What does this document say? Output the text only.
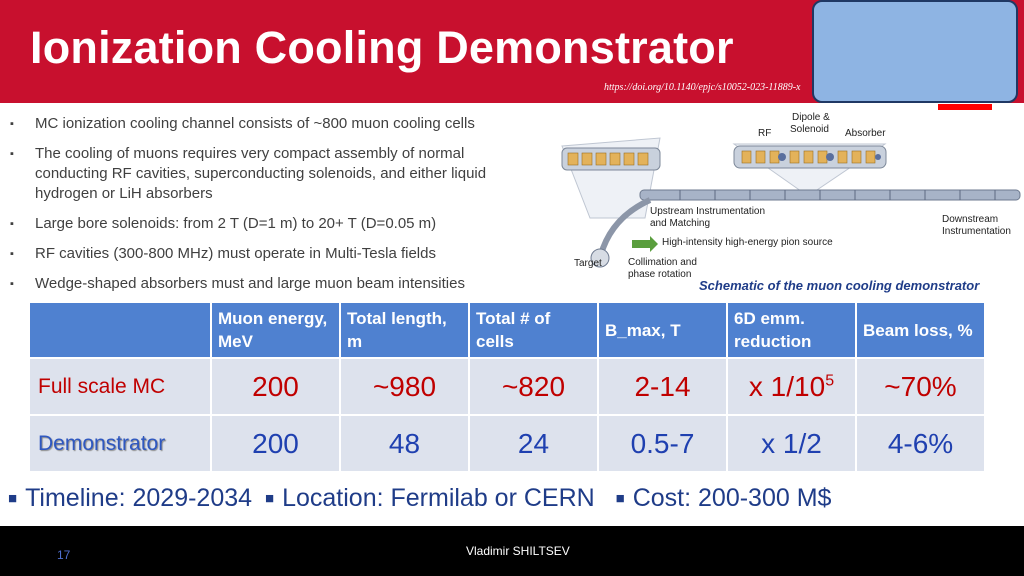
Ionization Cooling Demonstrator
https://doi.org/10.1140/epjc/s10052-023-11889-x
▪ MC ionization cooling channel consists of ~800 muon cooling cells
▪ The cooling of muons requires very compact assembly of normal conducting RF cavities, superconducting solenoids, and either liquid hydrogen or LiH absorbers
▪ Large bore solenoids: from 2 T (D=1 m) to 20+ T (D=0.05 m)
▪ RF cavities (300-800 MHz) must operate in Multi-Tesla fields
▪ Wedge-shaped absorbers must and large muon beam intensities
Dipole &
Solenoid
RF	Absorber
Upstream Instrumentation
and Matching	Downstream
Instrumentation
High-intensity high-energy pion source
Target	Collimation and
phase rotation
Schematic of the muon cooling demonstrator
	Muon energy, MeV	Total length, m	Total # of cells	B_max, T	6D emm. reduction	Beam loss, %
Full scale MC	200	~980	~820	2-14	x $1/10^5$	~70%
Demonstrator	200	48	24	0.5-7	x 1/2	4-6%
■ Timeline: 2029-2034 ■ Location: Fermilab or CERN ■ Cost: 200-300 M$
17	Vladimir SHILTSEV
